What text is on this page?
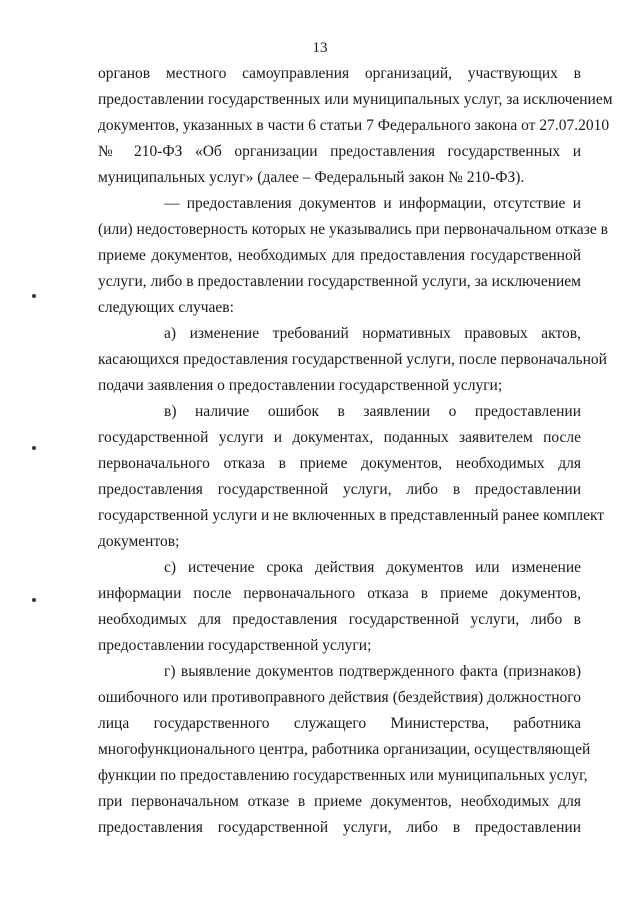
13
органов местного самоуправления организаций, участвующих в
предоставлении государственных или муниципальных услуг, за исключением
документов, указанных в части 6 статьи 7 Федерального закона от 27.07.2010
№ 210-ФЗ «Об организации предоставления государственных и
муниципальных услуг» (далее – Федеральный закон № 210-ФЗ).
— предоставления документов и информации, отсутствие и
(или) недостоверность которых не указывались при первоначальном отказе в
приеме документов, необходимых для предоставления государственной
услуги, либо в предоставлении государственной услуги, за исключением
следующих случаев:
а) изменение требований нормативных правовых актов,
касающихся предоставления государственной услуги, после первоначальной
подачи заявления о предоставлении государственной услуги;
в) наличие ошибок в заявлении о предоставлении
государственной услуги и документах, поданных заявителем после
первоначального отказа в приеме документов, необходимых для
предоставления государственной услуги, либо в предоставлении
государственной услуги и не включенных в представленный ранее комплект
документов;
с) истечение срока действия документов или изменение
информации после первоначального отказа в приеме документов,
необходимых для предоставления государственной услуги, либо в
предоставлении государственной услуги;
г) выявление документов подтвержденного факта (признаков)
ошибочного или противоправного действия (бездействия) должностного
лица государственного служащего Министерства, работника
многофункционального центра, работника организации, осуществляющей
функции по предоставлению государственных или муниципальных услуг,
при первоначальном отказе в приеме документов, необходимых для
предоставления государственной услуги, либо в предоставлении
